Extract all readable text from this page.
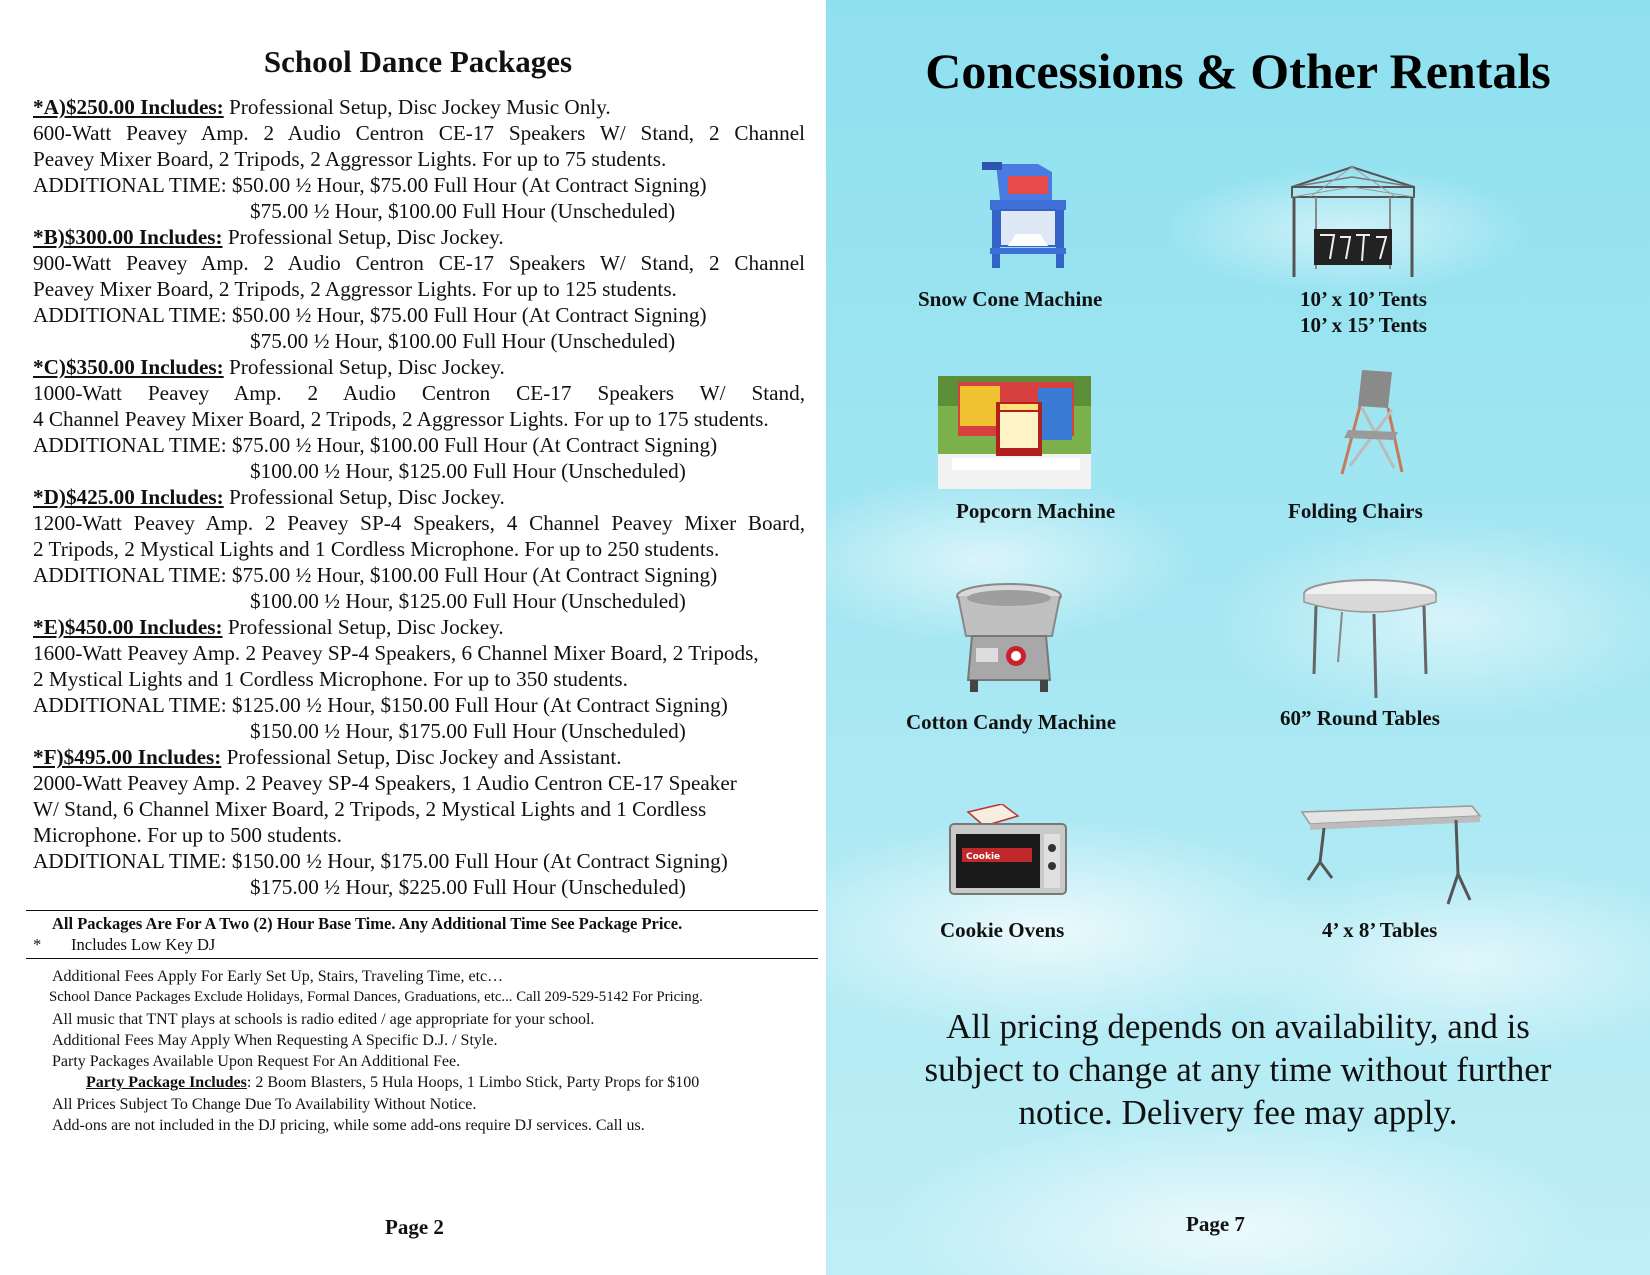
School Dance Packages
*A)$250.00 Includes: Professional Setup, Disc Jockey Music Only.
600-Watt Peavey Amp. 2 Audio Centron CE-17 Speakers W/ Stand, 2 Channel
Peavey Mixer Board, 2 Tripods, 2 Aggressor Lights. For up to 75 students.
ADDITIONAL TIME: $50.00 ½ Hour, $75.00 Full Hour (At Contract Signing)
$75.00 ½ Hour, $100.00 Full Hour (Unscheduled)
*B)$300.00 Includes: Professional Setup, Disc Jockey.
900-Watt Peavey Amp. 2 Audio Centron CE-17 Speakers W/ Stand, 2 Channel
Peavey Mixer Board, 2 Tripods, 2 Aggressor Lights. For up to 125 students.
ADDITIONAL TIME: $50.00 ½ Hour, $75.00 Full Hour (At Contract Signing)
$75.00 ½ Hour, $100.00 Full Hour (Unscheduled)
*C)$350.00 Includes: Professional Setup, Disc Jockey.
1000-Watt Peavey Amp. 2 Audio Centron CE-17 Speakers W/ Stand,
4 Channel Peavey Mixer Board, 2 Tripods, 2 Aggressor Lights. For up to 175 students.
ADDITIONAL TIME: $75.00 ½ Hour, $100.00 Full Hour (At Contract Signing)
$100.00 ½ Hour, $125.00 Full Hour (Unscheduled)
*D)$425.00 Includes: Professional Setup, Disc Jockey.
1200-Watt Peavey Amp. 2 Peavey SP-4 Speakers, 4 Channel Peavey Mixer Board,
2 Tripods, 2 Mystical Lights and 1 Cordless Microphone. For up to 250 students.
ADDITIONAL TIME: $75.00 ½ Hour, $100.00 Full Hour (At Contract Signing)
$100.00 ½ Hour, $125.00 Full Hour (Unscheduled)
*E)$450.00 Includes: Professional Setup, Disc Jockey.
1600-Watt Peavey Amp. 2 Peavey SP-4 Speakers, 6 Channel Mixer Board, 2 Tripods,
2 Mystical Lights and 1 Cordless Microphone. For up to 350 students.
ADDITIONAL TIME: $125.00 ½ Hour, $150.00 Full Hour (At Contract Signing)
$150.00 ½ Hour, $175.00 Full Hour (Unscheduled)
*F)$495.00 Includes: Professional Setup, Disc Jockey and Assistant.
2000-Watt Peavey Amp. 2 Peavey SP-4 Speakers, 1 Audio Centron CE-17 Speaker
W/ Stand, 6 Channel Mixer Board, 2 Tripods, 2 Mystical Lights and 1 Cordless
Microphone. For up to 500 students.
ADDITIONAL TIME: $150.00 ½ Hour, $175.00 Full Hour (At Contract Signing)
$175.00 ½ Hour, $225.00 Full Hour (Unscheduled)
All Packages Are For A Two (2) Hour Base Time. Any Additional Time See Package Price.
* Includes Low Key DJ
Additional Fees Apply For Early Set Up, Stairs, Traveling Time, etc…
School Dance Packages Exclude Holidays, Formal Dances, Graduations, etc... Call 209-529-5142 For Pricing.
All music that TNT plays at schools is radio edited / age appropriate for your school.
Additional Fees May Apply When Requesting A Specific D.J. / Style.
Party Packages Available Upon Request For An Additional Fee.
Party Package Includes: 2 Boom Blasters, 5 Hula Hoops, 1 Limbo Stick, Party Props for $100
All Prices Subject To Change Due To Availability Without Notice.
Add-ons are not included in the DJ pricing, while some add-ons require DJ services. Call us.
Page 2
Concessions & Other Rentals
Snow Cone Machine	10’ x 10’ Tents
10’ x 15’ Tents
Popcorn Machine	Folding Chairs
Cotton Candy Machine	60” Round Tables
Cookie
Cookie Ovens	4’ x 8’ Tables
All pricing depends on availability, and is
subject to change at any time without further
notice. Delivery fee may apply.
Page 7
